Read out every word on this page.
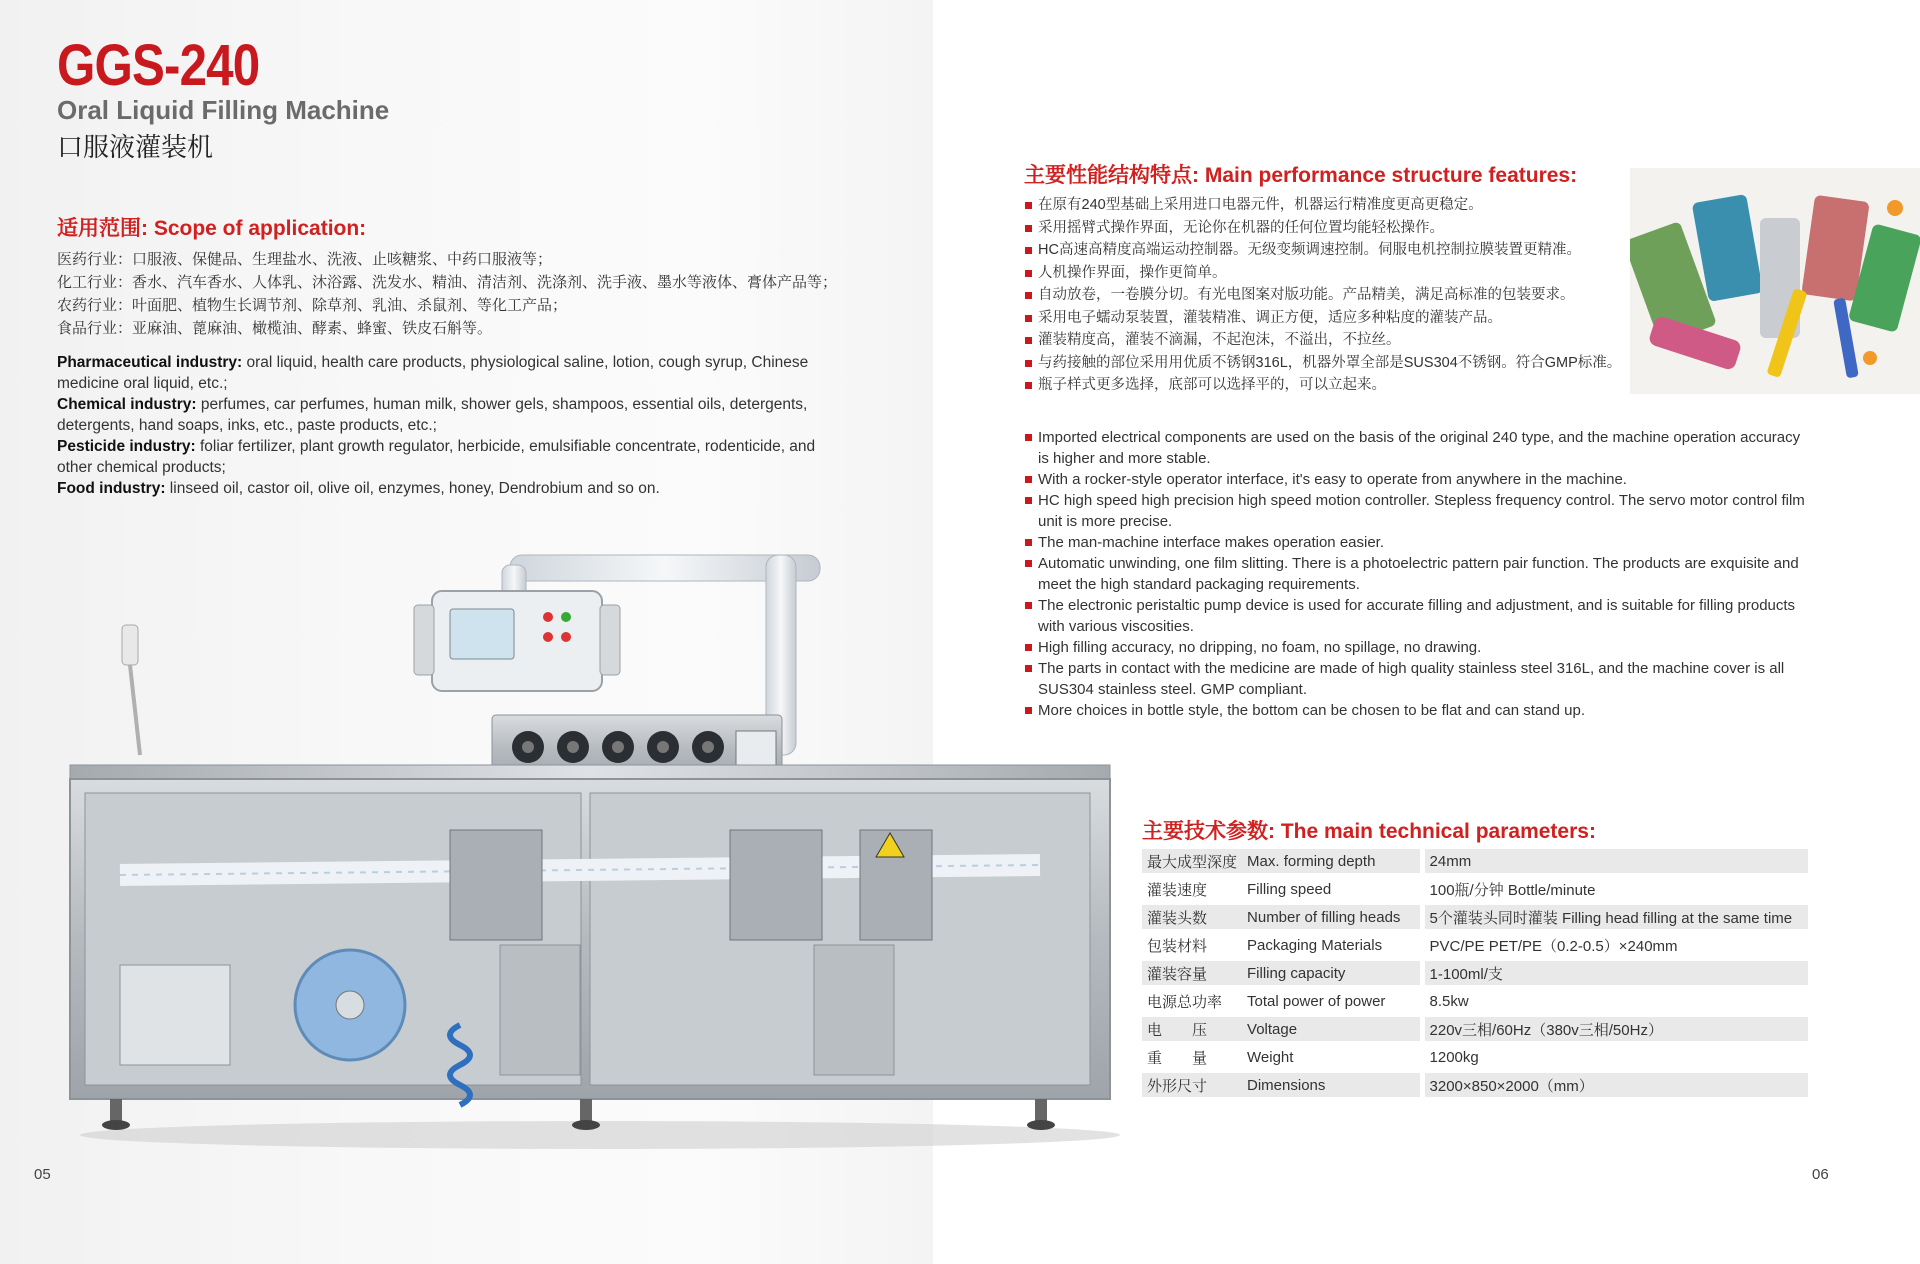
GGS-240
Oral Liquid Filling Machine
口服液灌装机
适用范围: Scope of application:
医药行业：口服液、保健品、生理盐水、洗液、止咳糖浆、中药口服液等；
化工行业：香水、汽车香水、人体乳、沐浴露、洗发水、精油、清洁剂、洗涤剂、洗手液、墨水等液体、膏体产品等；
农药行业：叶面肥、植物生长调节剂、除草剂、乳油、杀鼠剂、等化工产品；
食品行业：亚麻油、蓖麻油、橄榄油、酵素、蜂蜜、铁皮石斛等。
Pharmaceutical industry: oral liquid, health care products, physiological saline, lotion, cough syrup, Chinese medicine oral liquid, etc.;
Chemical industry: perfumes, car perfumes, human milk, shower gels, shampoos, essential oils, detergents, detergents, hand soaps, inks, etc., paste products, etc.;
Pesticide industry: foliar fertilizer, plant growth regulator, herbicide, emulsifiable concentrate, rodenticide, and other chemical products;
Food industry: linseed oil, castor oil, olive oil, enzymes, honey, Dendrobium and so on.
05
主要性能结构特点: Main performance structure features:
在原有240型基础上采用进口电器元件，机器运行精准度更高更稳定。
采用摇臂式操作界面，无论你在机器的任何位置均能轻松操作。
HC高速高精度高端运动控制器。无级变频调速控制。伺服电机控制拉膜装置更精准。
人机操作界面，操作更简单。
自动放卷，一卷膜分切。有光电图案对版功能。产品精美，满足高标准的包装要求。
采用电子蠕动泵装置，灌装精准、调正方便，适应多种粘度的灌装产品。
灌装精度高，灌装不滴漏，不起泡沫，不溢出，不拉丝。
与药接触的部位采用用优质不锈钢316L，机器外罩全部是SUS304不锈钢。符合GMP标准。
瓶子样式更多选择，底部可以选择平的，可以立起来。
Imported electrical components are used on the basis of the original 240 type, and the machine operation accuracy is higher and more stable.
With a rocker-style operator interface, it's easy to operate from anywhere in the machine.
HC high speed high precision high speed motion controller. Stepless frequency control. The servo motor control film unit is more precise.
The man-machine interface makes operation easier.
Automatic unwinding, one film slitting. There is a photoelectric pattern pair function. The products are exquisite and meet the high standard packaging requirements.
The electronic peristaltic pump device is used for accurate filling and adjustment, and is suitable for filling products with various viscosities.
High filling accuracy, no dripping, no foam, no spillage, no drawing.
The parts in contact with the medicine are made of high quality stainless steel 316L, and the machine cover is all SUS304 stainless steel. GMP compliant.
More choices in bottle style, the bottom can be chosen to be flat and can stand up.
主要技术参数: The main technical parameters:
最大成型深度	Max. forming depth		24mm
灌装速度	Filling speed		100瓶/分钟 Bottle/minute
灌装头数	Number of filling heads		5个灌装头同时灌装 Filling head filling at the same time
包装材料	Packaging Materials		PVC/PE PET/PE（0.2-0.5）×240mm
灌装容量	Filling capacity		1-100ml/支
电源总功率	Total power of power		8.5kw
电　　压	Voltage		220v三相/60Hz（380v三相/50Hz）
重　　量	Weight		1200kg
外形尺寸	Dimensions		3200×850×2000（mm）
06
